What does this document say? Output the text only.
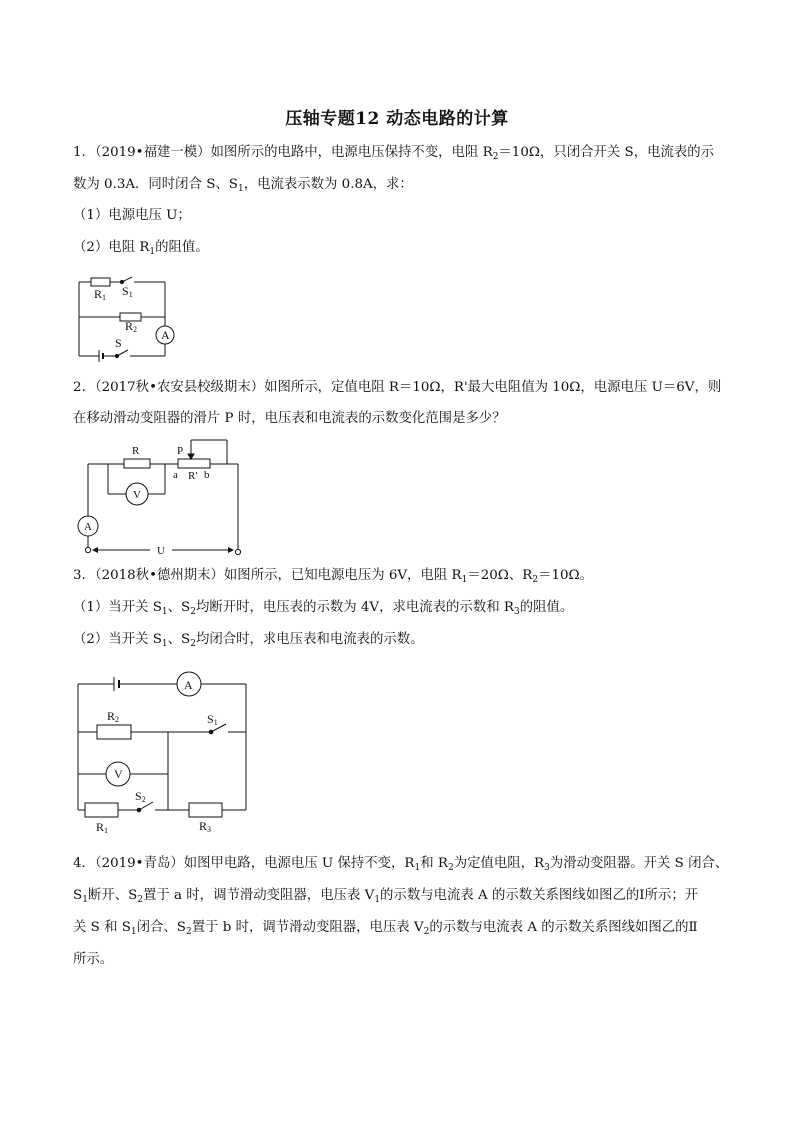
压轴专题12 动态电路的计算
1．（2019•福建一模）如图所示的电路中，电源电压保持不变，电阻 $R_2=10\Omega$，只闭合开关 S，电流表的示
数为 0.3A．同时闭合 S、$S_1$，电流表示数为 0.8A，求：
（1）电源电压 U；
（2）电阻 $R_1$的阻值。
R1 S1
R2 A
S
2．（2017秋•农安县校级期末）如图所示，定值电阻 R＝10Ω，R'最大电阻值为 10Ω，电源电压 U＝6V，则
在移动滑动变阻器的滑片 P 时，电压表和电流表的示数变化范围是多少？
R	P
a R' b
V
A
U
3．（2018秋•德州期末）如图所示，已知电源电压为 6V，电阻 $R_1=20\Omega$、$R_2=10\Omega$。
（1）当开关 $S_1$、$S_2$均断开时，电压表的示数为 4V，求电流表的示数和 $R_3$的阻值。
（2）当开关 $S_1$、$S_2$均闭合时，求电压表和电流表的示数。
A
R2	S1
V
S2
R1	R3
4．（2019•青岛）如图甲电路，电源电压 U 保持不变，$R_1$和 $R_2$为定值电阻，$R_3$为滑动变阻器。开关 S 闭合、
$S_1$断开、$S_2$置于 a 时，调节滑动变阻器，电压表 $V_1$的示数与电流表 A 的示数关系图线如图乙的Ⅰ所示；开
关 S 和 $S_1$闭合、$S_2$置于 b 时，调节滑动变阻器，电压表 $V_2$的示数与电流表 A 的示数关系图线如图乙的Ⅱ
所示。
